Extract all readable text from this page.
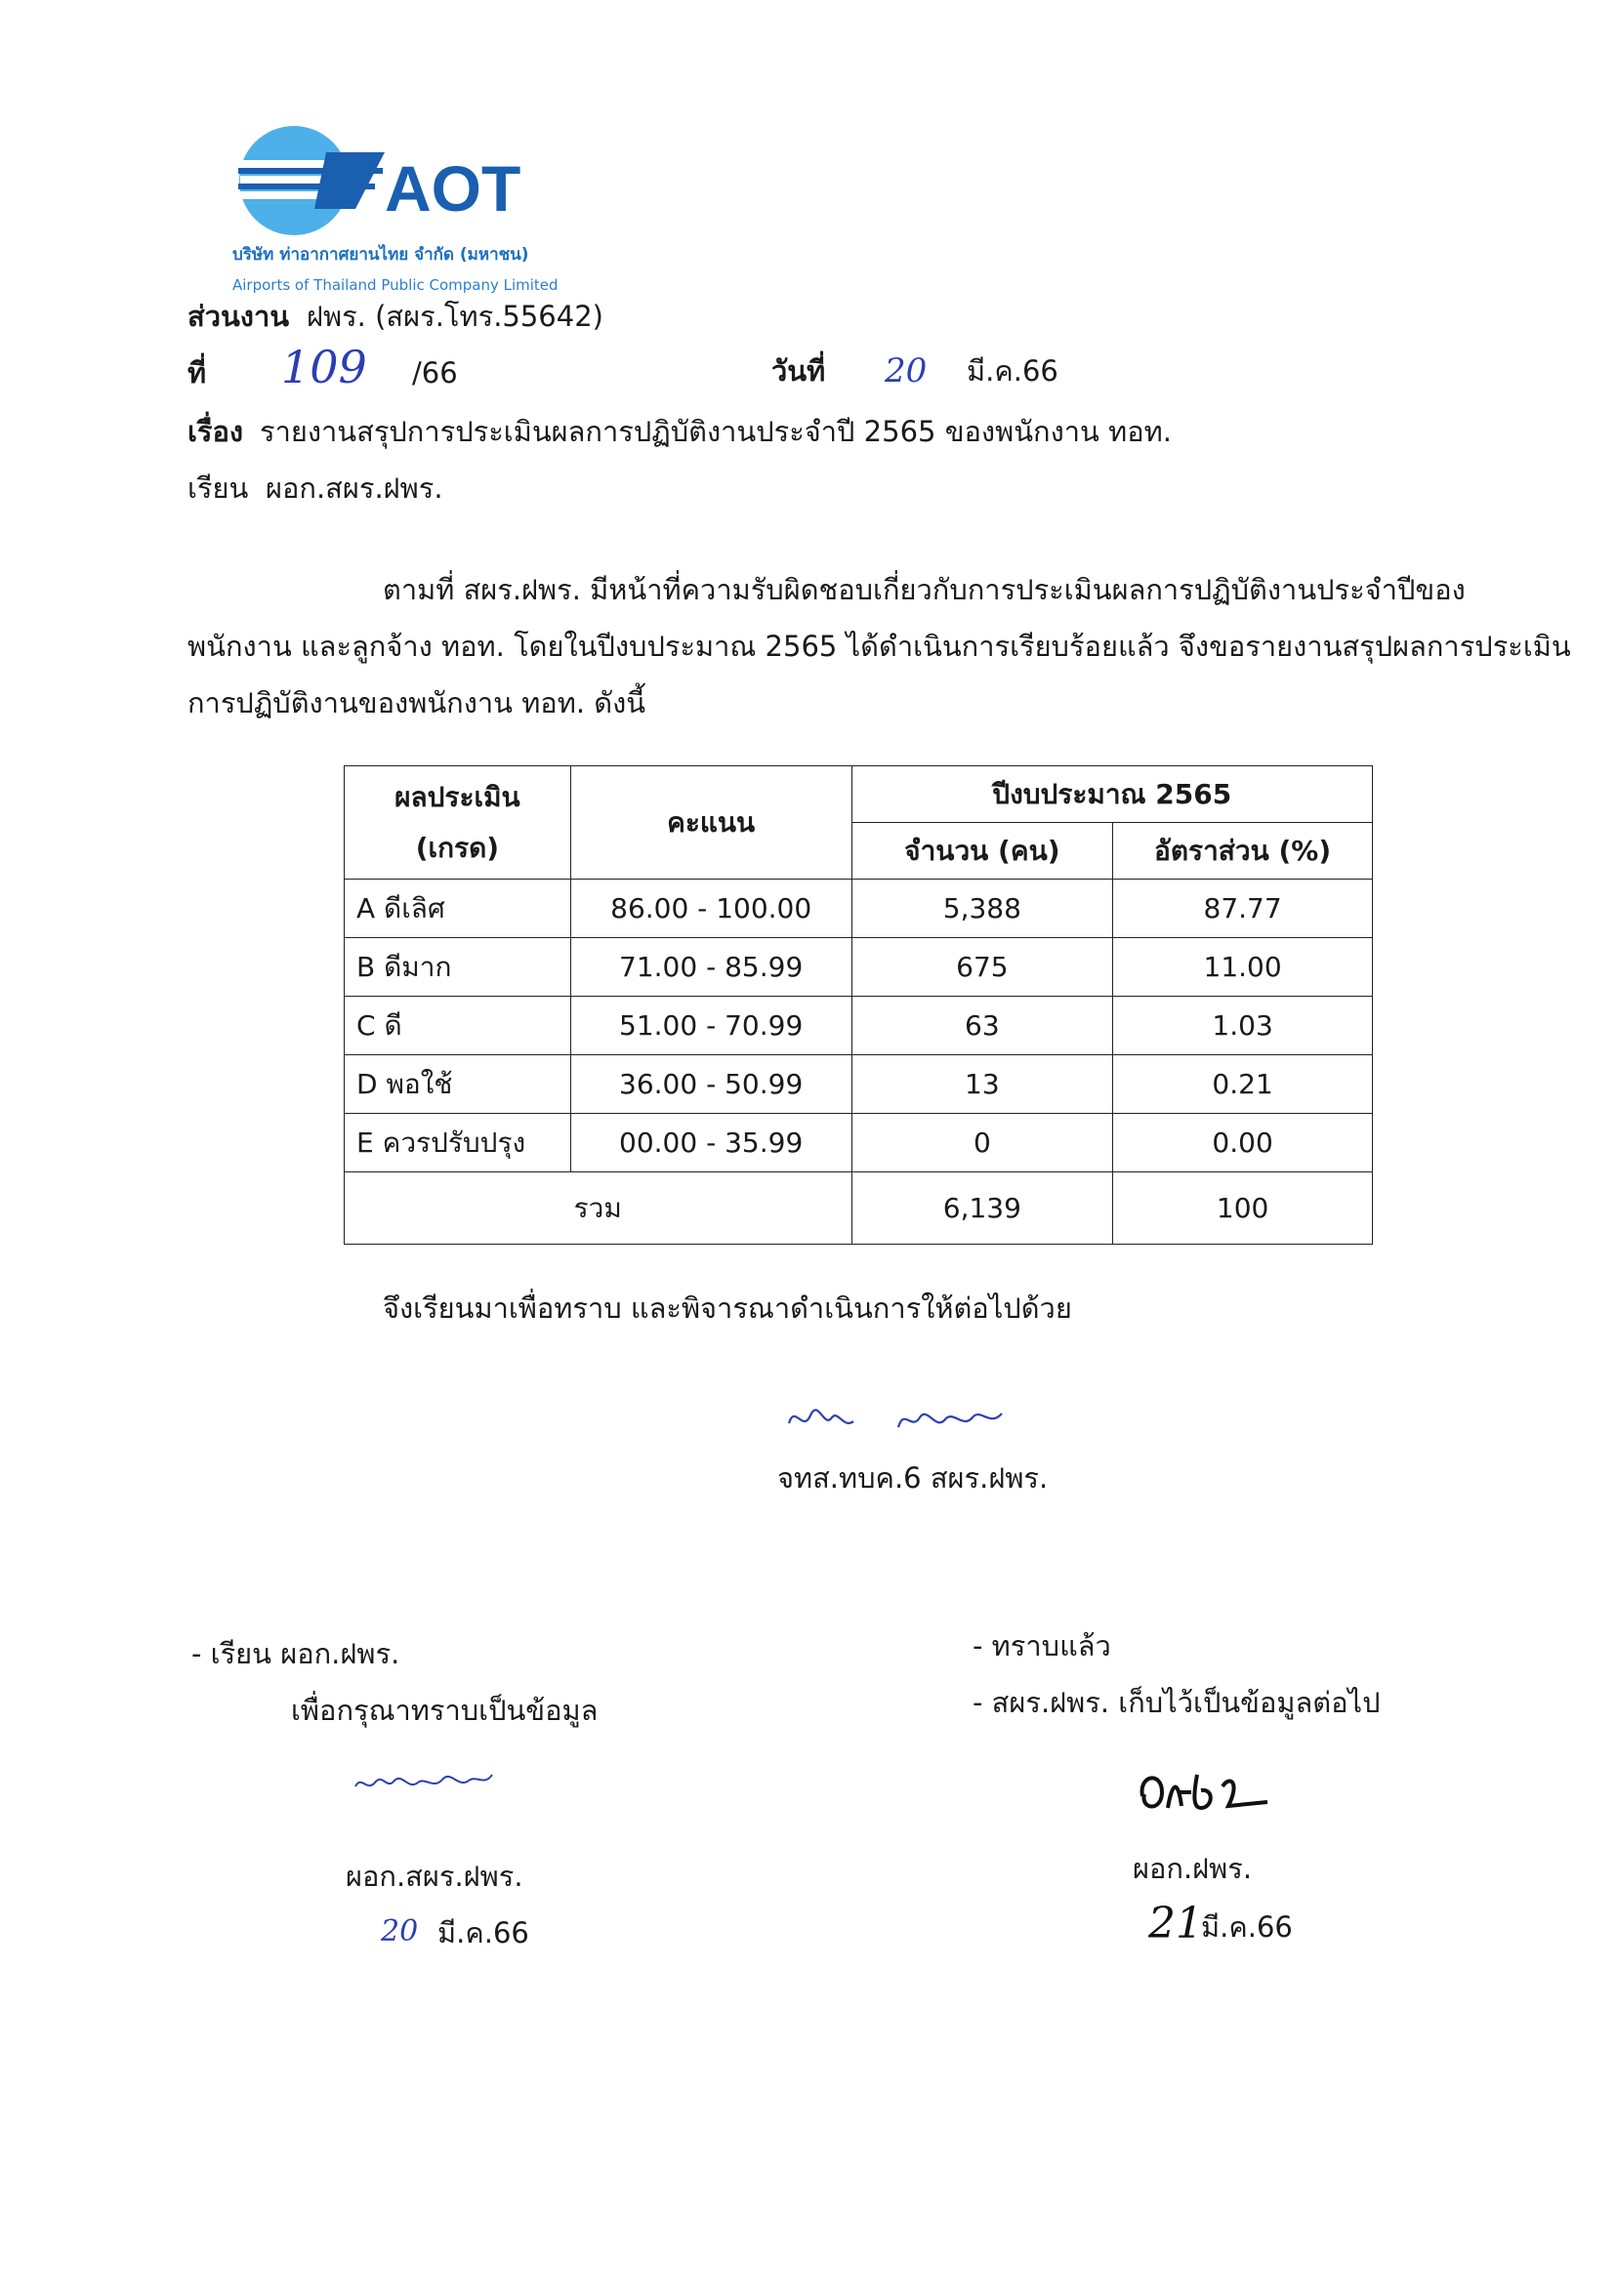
AOT
บริษัท ท่าอากาศยานไทย จำกัด (มหาชน)
Airports of Thailand Public Company Limited
ส่วนงาน ฝพร. (สผร.โทร.55642)
ที่ 109 /66	วันที่ 20 มี.ค.66
เรื่อง รายงานสรุปการประเมินผลการปฏิบัติงานประจำปี 2565 ของพนักงาน ทอท.
เรียน ผอก.สผร.ฝพร.
ตามที่ สผร.ฝพร. มีหน้าที่ความรับผิดชอบเกี่ยวกับการประเมินผลการปฏิบัติงานประจำปีของ
พนักงาน และลูกจ้าง ทอท. โดยในปีงบประมาณ 2565 ได้ดำเนินการเรียบร้อยแล้ว จึงขอรายงานสรุปผลการประเมิน
การปฏิบัติงานของพนักงาน ทอท. ดังนี้
ผลประเมิน
(เกรด)	คะแนน	ปีงบประมาณ 2565	
		จำนวน (คน)	อัตราส่วน (%)
A ดีเลิศ	86.00 - 100.00	5,388	87.77
B ดีมาก	71.00 - 85.99	675	11.00
C ดี	51.00 - 70.99	63	1.03
D พอใช้	36.00 - 50.99	13	0.21
E ควรปรับปรุง	00.00 - 35.99	0	0.00
รวม		6,139	100
จึงเรียนมาเพื่อทราบ และพิจารณาดำเนินการให้ต่อไปด้วย
จทส.ทบค.6 สผร.ฝพร.
- เรียน ผอก.ฝพร.
เพื่อกรุณาทราบเป็นข้อมูล
ผอก.สผร.ฝพร.
20 มี.ค.66
- ทราบแล้ว
- สผร.ฝพร. เก็บไว้เป็นข้อมูลต่อไป
ผอก.ฝพร.
21
มี.ค.66
